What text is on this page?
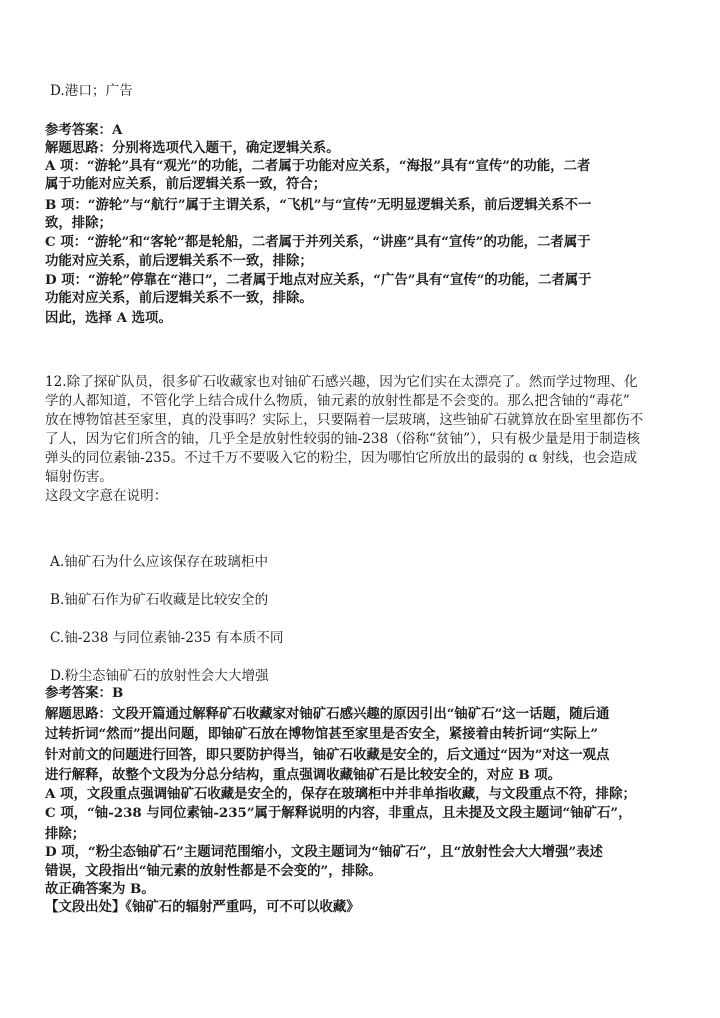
D.港口；广告
参考答案：A
解题思路：分别将选项代入题干，确定逻辑关系。
A 项：“游轮”具有“观光”的功能，二者属于功能对应关系，“海报”具有“宣传”的功能，二者
属于功能对应关系，前后逻辑关系一致，符合；
B 项：“游轮”与“航行”属于主谓关系，“飞机”与“宣传”无明显逻辑关系，前后逻辑关系不一
致，排除；
C 项：“游轮”和“客轮”都是轮船，二者属于并列关系，“讲座”具有“宣传”的功能，二者属于
功能对应关系，前后逻辑关系不一致，排除；
D 项：“游轮”停靠在“港口”，二者属于地点对应关系，“广告”具有“宣传”的功能，二者属于
功能对应关系，前后逻辑关系不一致，排除。
因此，选择 A 选项。
12.除了探矿队员，很多矿石收藏家也对铀矿石感兴趣，因为它们实在太漂亮了。然而学过物理、化
学的人都知道，不管化学上结合成什么物质，铀元素的放射性都是不会变的。那么把含铀的“毒花”
放在博物馆甚至家里，真的没事吗？实际上，只要隔着一层玻璃，这些铀矿石就算放在卧室里都伤不
了人，因为它们所含的铀，几乎全是放射性较弱的铀-238（俗称“贫铀”），只有极少量是用于制造核
弹头的同位素铀-235。不过千万不要吸入它的粉尘，因为哪怕它所放出的最弱的 α 射线，也会造成
辐射伤害。
这段文字意在说明：
A.铀矿石为什么应该保存在玻璃柜中
B.铀矿石作为矿石收藏是比较安全的
C.铀-238 与同位素铀-235 有本质不同
D.粉尘态铀矿石的放射性会大大增强
参考答案：B
解题思路：文段开篇通过解释矿石收藏家对铀矿石感兴趣的原因引出“铀矿石”这一话题，随后通
过转折词“然而”提出问题，即铀矿石放在博物馆甚至家里是否安全，紧接着由转折词“实际上”
针对前文的问题进行回答，即只要防护得当，铀矿石收藏是安全的，后文通过“因为”对这一观点
进行解释，故整个文段为分总分结构，重点强调收藏铀矿石是比较安全的，对应 B 项。
A 项，文段重点强调铀矿石收藏是安全的，保存在玻璃柜中并非单指收藏，与文段重点不符，排除；
C 项，“铀-238 与同位素铀-235”属于解释说明的内容，非重点，且未提及文段主题词“铀矿石”，
排除；
D 项，“粉尘态铀矿石”主题词范围缩小，文段主题词为“铀矿石”，且“放射性会大大增强”表述
错误，文段指出“铀元素的放射性都是不会变的”，排除。
故正确答案为 B。
【文段出处】《铀矿石的辐射严重吗，可不可以收藏》
